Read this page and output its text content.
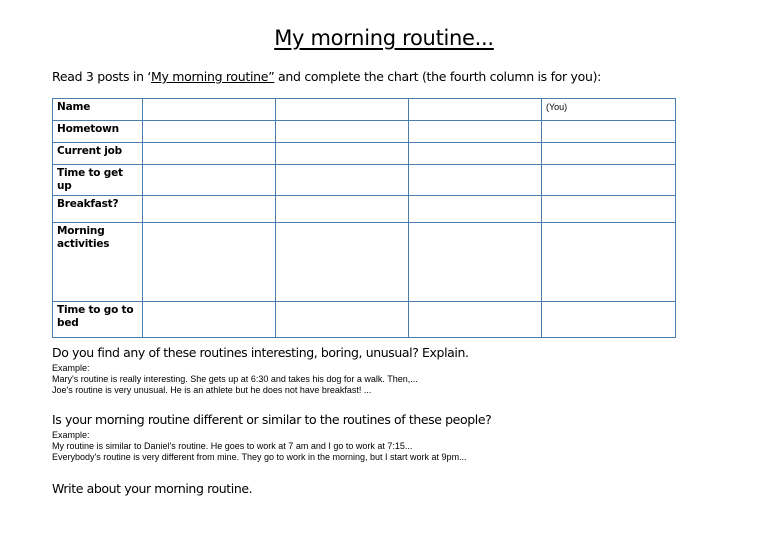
My morning routine...
Read 3 posts in ‘My morning routine” and complete the chart (the fourth column is for you):
Name				(You)
Hometown				
Current job				
Time to get up				
Breakfast?				
Morning activities				
Time to go to bed				
Do you find any of these routines interesting, boring, unusual? Explain.
Example:
Mary's routine is really interesting. She gets up at 6:30 and takes his dog for a walk. Then,...
Joe's routine is very unusual. He is an athlete but he does not have breakfast! ...
Is your morning routine different or similar to the routines of these people?
Example:
My routine is similar to Daniel's routine. He goes to work at 7 am and I go to work at 7:15...
Everybody's routine is very different from mine. They go to work in the morning, but I start work at 9pm...
Write about your morning routine.
